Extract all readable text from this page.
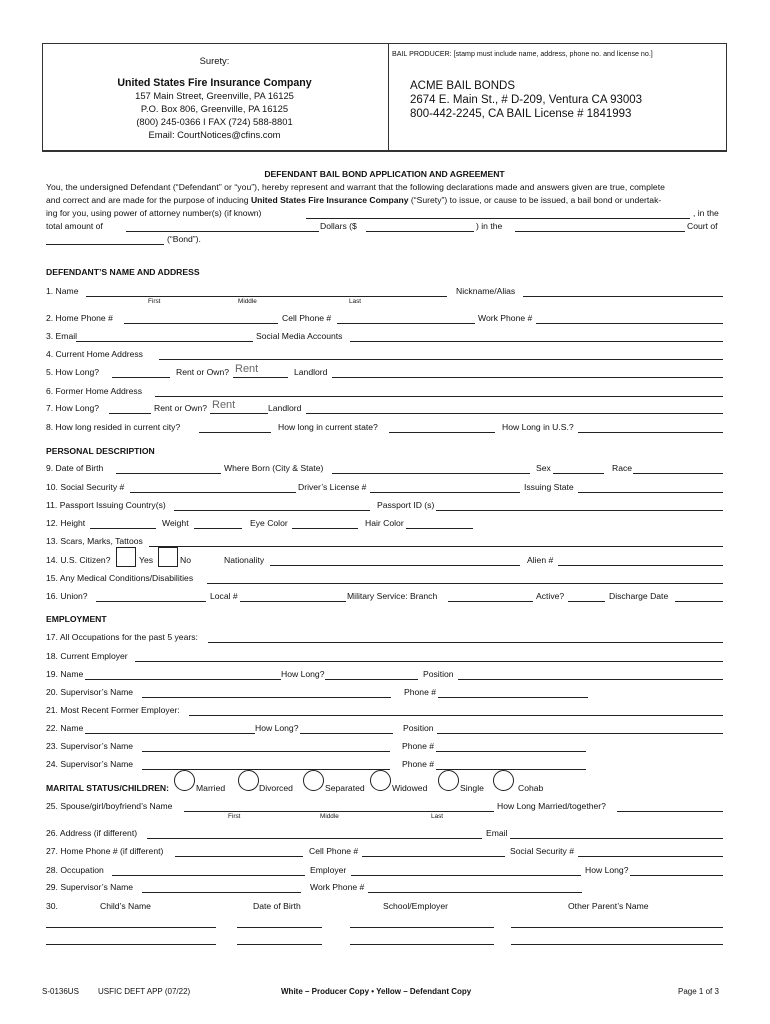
Surety:
United States Fire Insurance Company
157 Main Street, Greenville, PA 16125
P.O. Box 806, Greenville, PA 16125
(800) 245-0366 I FAX (724) 588-8801
Email: CourtNotices@cfins.com
BAIL PRODUCER: [stamp must include name, address, phone no. and license no.]
ACME BAIL BONDS
2674 E. Main St., # D-209, Ventura CA 93003
800-442-2245, CA BAIL License # 1841993
DEFENDANT BAIL BOND APPLICATION AND AGREEMENT
You, the undersigned Defendant (“Defendant” or “you”), hereby represent and warrant that the following declarations made and answers given are true, complete
and correct and are made for the purpose of inducing United States Fire Insurance Company (“Surety”) to issue, or cause to be issued, a bail bond or undertak-
ing for you, using power of attorney number(s) (if known)	, in the
total amount of	Dollars ($	) in the	Court of
(“Bond”).
DEFENDANT’S NAME AND ADDRESS
1. Name
First	Middle	Last
Nickname/Alias
2. Home Phone #	Cell Phone #	Work Phone #
3. Email	Social Media Accounts
4. Current Home Address
5. How Long?	Rent or Own? Rent	Landlord
6. Former Home Address
7. How Long?	Rent or Own? Rent	Landlord
8. How long resided in current city?	How long in current state?	How Long in U.S.?
PERSONAL DESCRIPTION
9. Date of Birth	Where Born (City & State)	Sex	Race
10. Social Security #	Driver’s License #	Issuing State
11. Passport Issuing Country(s)	Passport ID (s)
12. Height	Weight	Eye Color	Hair Color
13. Scars, Marks, Tattoos
14. U.S. Citizen?	Yes	No	Nationality	Alien #
15. Any Medical Conditions/Disabilities
16. Union?	Local #	Military Service: Branch	Active?	Discharge Date
EMPLOYMENT
17. All Occupations for the past 5 years:
18. Current Employer
19. Name	How Long?	Position
20. Supervisor’s Name	Phone #
21. Most Recent Former Employer:
22. Name	How Long?	Position
23. Supervisor’s Name	Phone #
24. Supervisor’s Name	Phone #
MARITAL STATUS/CHILDREN:	Married	Divorced	Separated	Widowed	Single	Cohab
25. Spouse/girl/boyfriend’s Name
First	Middle	Last
How Long Married/together?
26. Address (if different)	Email
27. Home Phone # (if different)	Cell Phone #	Social Security #
28. Occupation	Employer	How Long?
29. Supervisor’s Name	Work Phone #
30.	Child’s Name	Date of Birth	School/Employer	Other Parent’s Name
S-0136US USFIC DEFT APP (07/22)	White – Producer Copy • Yellow – Defendant Copy	Page 1 of 3
